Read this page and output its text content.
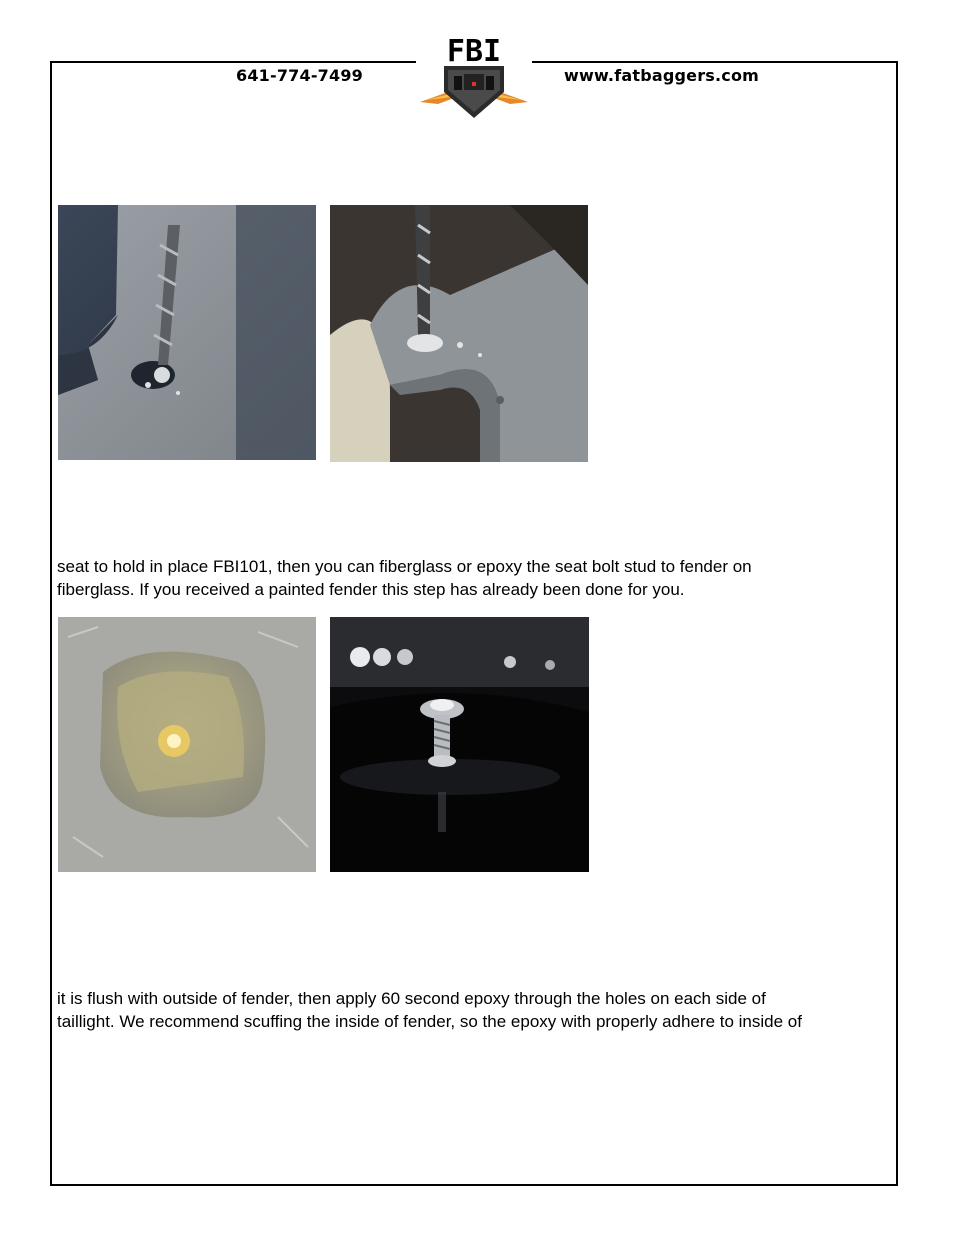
641-774-7499	www.fatbaggers.com
FBI
seat to hold in place FBI101, then you can fiberglass or epoxy the seat bolt stud to fender on
fiberglass. If you received a painted fender this step has already been done for you.
it is flush with outside of fender, then apply 60 second epoxy through the holes on each side of
taillight. We recommend scuffing the inside of fender, so the epoxy with properly adhere to inside of
